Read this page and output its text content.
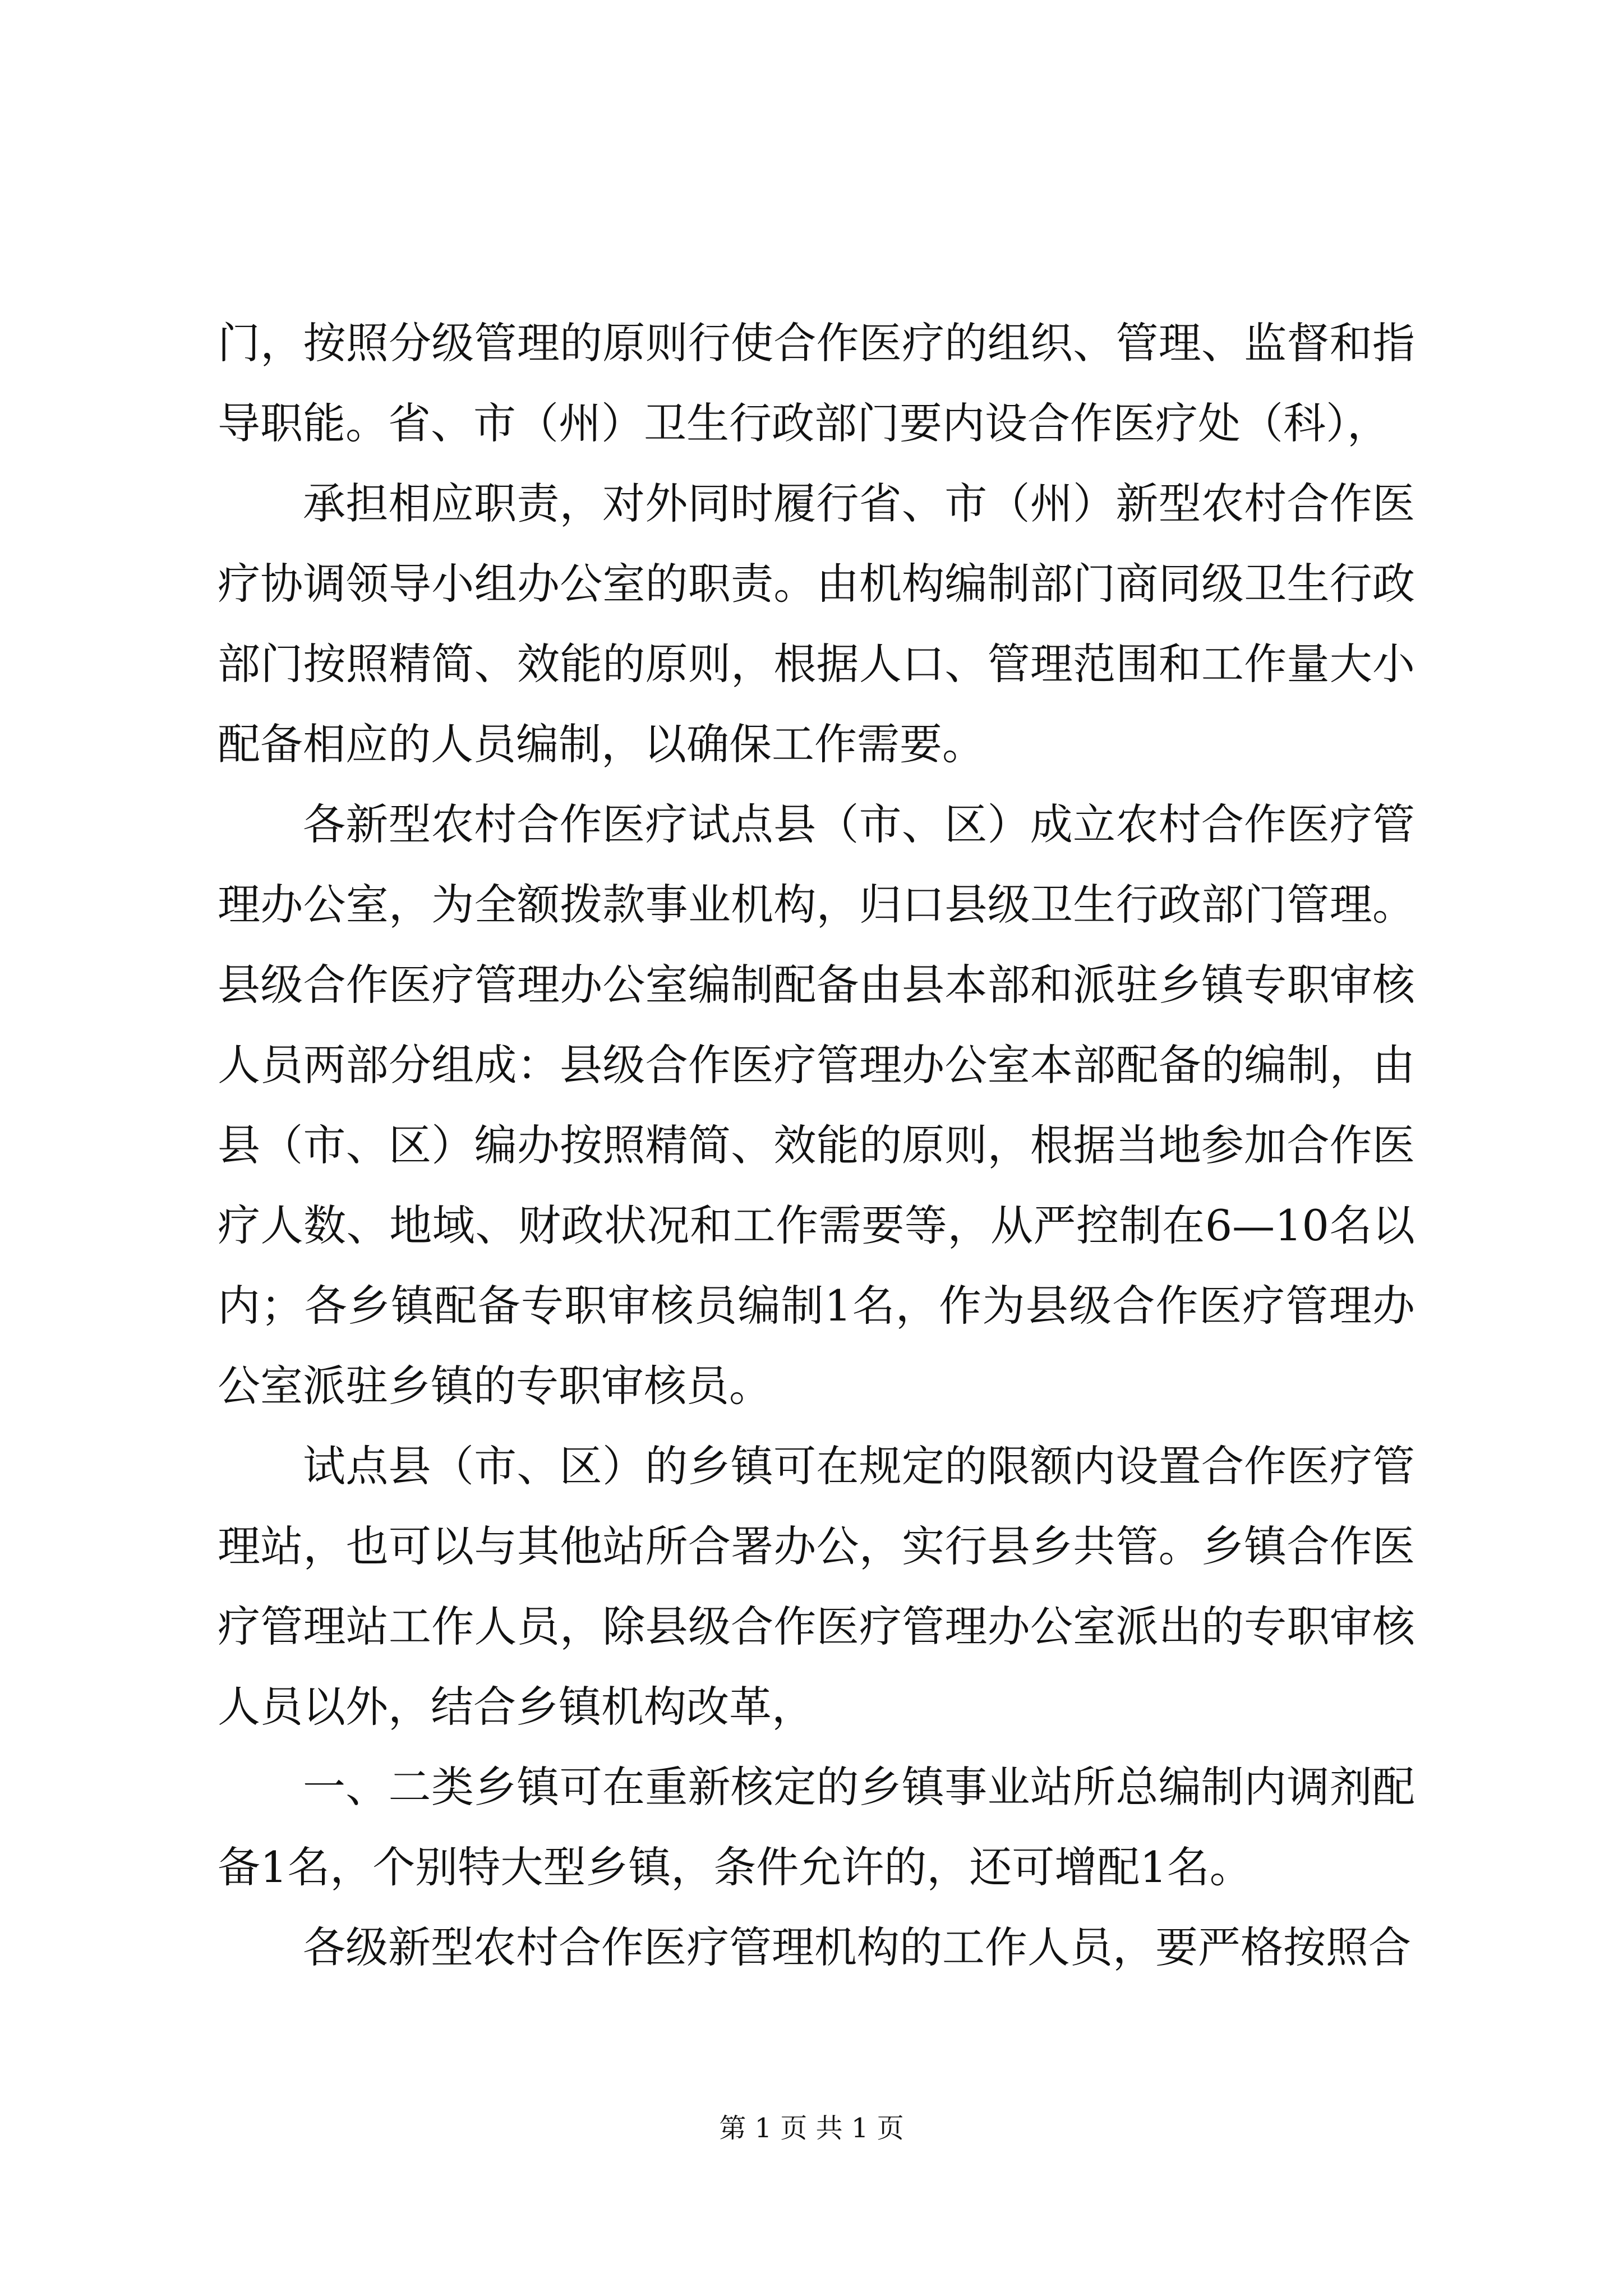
门，按照分级管理的原则行使合作医疗的组织、管理、监督和指导职能。省、市（州）卫生行政部门要内设合作医疗处（科），

承担相应职责，对外同时履行省、市（州）新型农村合作医疗协调领导小组办公室的职责。由机构编制部门商同级卫生行政部门按照精简、效能的原则，根据人口、管理范围和工作量大小配备相应的人员编制，以确保工作需要。

各新型农村合作医疗试点县（市、区）成立农村合作医疗管理办公室，为全额拨款事业机构，归口县级卫生行政部门管理。县级合作医疗管理办公室编制配备由县本部和派驻乡镇专职审核人员两部分组成：县级合作医疗管理办公室本部配备的编制，由县（市、区）编办按照精简、效能的原则，根据当地参加合作医疗人数、地域、财政状况和工作需要等，从严控制在6—10名以内；各乡镇配备专职审核员编制1名，作为县级合作医疗管理办公室派驻乡镇的专职审核员。

试点县（市、区）的乡镇可在规定的限额内设置合作医疗管理站，也可以与其他站所合署办公，实行县乡共管。乡镇合作医疗管理站工作人员，除县级合作医疗管理办公室派出的专职审核人员以外，结合乡镇机构改革，

一、二类乡镇可在重新核定的乡镇事业站所总编制内调剂配备1名，个别特大型乡镇，条件允许的，还可增配1名。

各级新型农村合作医疗管理机构的工作人员，要严格按照合

第 1 页 共 1 页
